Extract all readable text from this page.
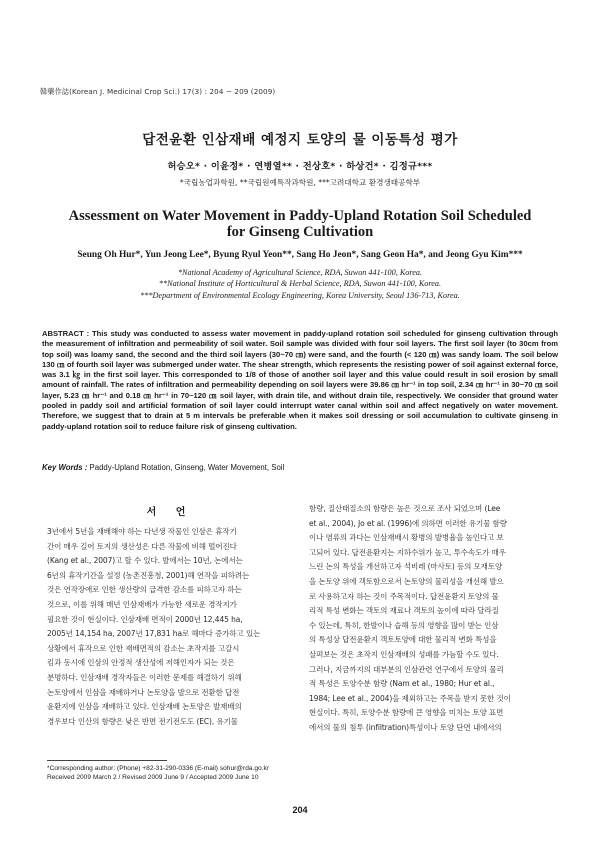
韓藥作誌(Korean J. Medicinal Crop Sci.) 17(3) : 204 − 209 (2009)
답전윤환 인삼재배 예정지 토양의 물 이동특성 평가
허승오* · 이윤정* · 연병열** · 전상호* · 하상건* · 김정규***
*국립농업과학원, **국립원예특작과학원, ***고려대학교 환경생태공학부
Assessment on Water Movement in Paddy-Upland Rotation Soil Scheduled
for Ginseng Cultivation
Seung Oh Hur*, Yun Jeong Lee*, Byung Ryul Yeon**, Sang Ho Jeon*, Sang Geon Ha*, and Jeong Gyu Kim***
*National Academy of Agricultural Science, RDA, Suwon 441-100, Korea.
**National Institute of Horticultural & Herbal Science, RDA, Suwon 441-100, Korea.
***Department of Environmental Ecology Engineering, Korea University, Seoul 136-713, Korea.
ABSTRACT : This study was conducted to assess water movement in paddy-upland rotation soil scheduled for ginseng cultivation through the measurement of infiltration and permeability of soil water. Soil sample was divided with four soil layers. The first soil layer (to 30cm from top soil) was loamy sand, the second and the third soil layers (30~70 ㎝) were sand, and the fourth (< 120 ㎝) was sandy loam. The soil below 130 ㎝ of fourth soil layer was submerged under water. The shear strength, which represents the resisting power of soil against external force, was 3.1 ㎏ in the first soil layer. This corresponded to 1/8 of those of another soil layer and this value could result in soil erosion by small amount of rainfall. The rates of infiltration and permeability depending on soil layers were 39.86 ㎝ hr⁻¹ in top soil, 2.34 ㎝ hr⁻¹ in 30~70 ㎝ soil layer, 5.23 ㎝ hr⁻¹ and 0.18 ㎝ hr⁻¹ in 70~120 ㎝ soil layer, with drain tile, and without drain tile, respectively. We consider that ground water pooled in paddy soil and artificial formation of soil layer could interrupt water canal within soil and affect negatively on water movement. Therefore, we suggest that to drain at 5 m intervals be preferable when it makes soil dressing or soil accumulation to cultivate ginseng in paddy-upland rotation soil to reduce failure risk of ginseng cultivation.
Key Words : Paddy-Upland Rotation, Ginseng, Water Movement, Soil
서 언
3년에서 5년을 재배해야 하는 다년생 작물인 인삼은 휴작기
간이 매우 길어 토지의 생산성은 다른 작물에 비해 떨어진다
(Kang et al., 2007)고 할 수 있다. 발에서는 10년, 논에서는
6년의 휴작기간을 설정 (농촌진흥청, 2001)해 연작을 피하려는
것은 연작장애로 인한 생산량의 급격한 감소를 피하고자 하는
것으로, 이를 위해 매년 인삼재배가 가능한 새로운 경작지가
필요한 것이 현실이다. 인삼재배 면적이 2000년 12,445 ha,
2005년 14,154 ha, 2007년 17,831 ha로 해마다 증가하고 있는
상황에서 휴작으로 인한 재배면적의 감소는 초작지를 고갈시
킴과 동시에 인삼의 안정적 생산성에 저해인자가 되는 것은
분명하다. 인삼재배 경작자들은 이러한 문제를 해결하기 위해
논토양에서 인삼을 재배하거나 논토양을 발으로 전환한 답전
윤환지에 인삼을 재배하고 있다. 인삼재배 논토양은 발재배의
경우보다 인산의 함량은 낮은 반면 전기전도도 (EC), 유기물
함량, 질산태질소의 함량은 높은 것으로 조사 되었으며 (Lee
et al., 2004), Jo et al. (1996)에 의하면 이러한 유기물 함량
이나 염류의 과다는 인삼재배시 황병의 발병율을 높인다고 보
고되어 있다. 답전윤환지는 지하수위가 높고, 투수속도가 매우
느린 논의 특성을 개선하고자 석비레 (마사토) 등의 모재토양
을 논토양 위에 객토함으로서 논토양의 물리성을 개선해 발으
로 사용하고자 하는 것이 주목적이다. 답전윤환지 토양의 물
리적 특성 변화는 객토의 재료나 객토의 높이에 따라 달라질
수 있는데, 특히, 한발이나 습해 등의 영향을 많이 받는 인삼
의 특성상 답전윤환지 객토토양에 대한 물리적 변화 특성을
살펴보는 것은 초작지 인삼재배의 성패를 가늠할 수도 있다.
그러나, 지금까지의 대부분의 인삼관련 연구에서 토양의 물리
적 특성은 토양수분 함량 (Nam et al., 1980; Hur et al.,
1984; Lee et al., 2004)을 제외하고는 주목을 받지 못한 것이
현실이다. 특히, 토양수분 함량에 큰 영향을 미치는 토양 표면
에서의 물의 침투 (infiltration)특성이나 토양 단면 내에서의
*Corresponding author: (Phone) +82-31-290-0336 (E-mail) sohur@rda.go.kr
Received 2009 March 2 / Revised 2009 June 9 / Accepted 2009 June 10
204
